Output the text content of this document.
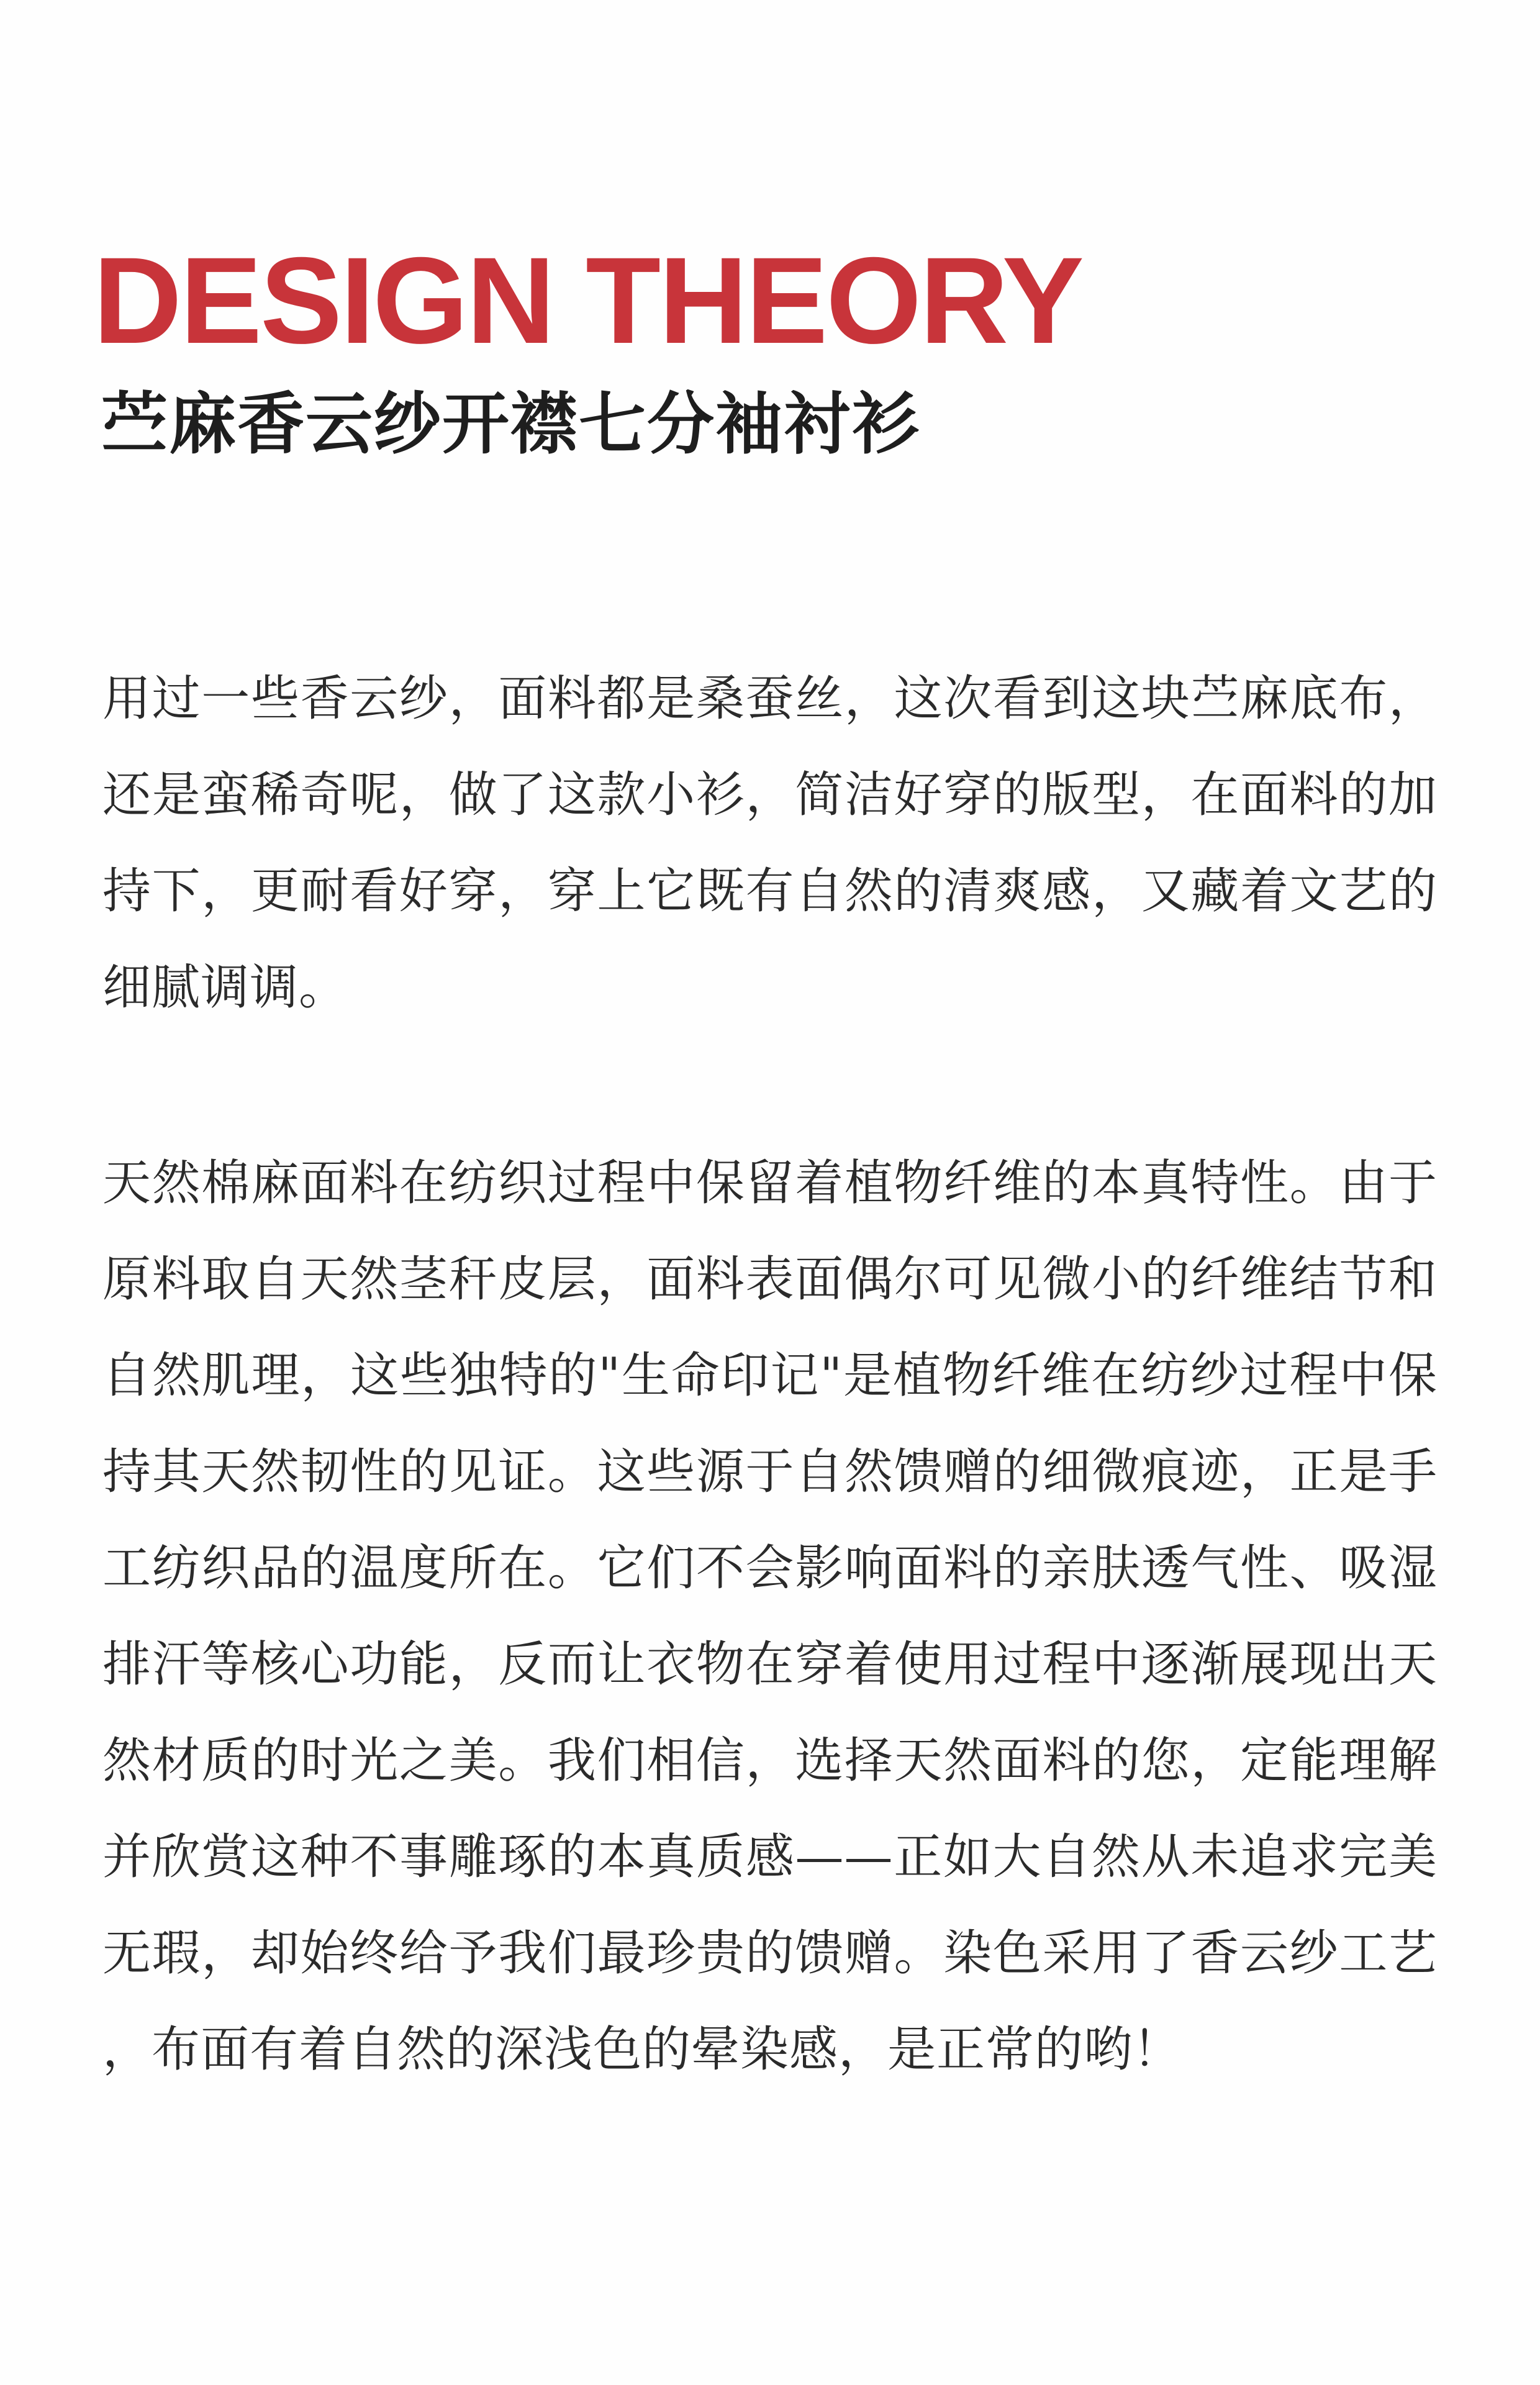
DESIGN THEORY
苎麻香云纱开襟七分袖衬衫

用过一些香云纱，面料都是桑蚕丝，这次看到这块苎麻底布，还是蛮稀奇呢，做了这款小衫，简洁好穿的版型，在面料的加持下，更耐看好穿，穿上它既有自然的清爽感，又藏着文艺的细腻调调。

天然棉麻面料在纺织过程中保留着植物纤维的本真特性。由于原料取自天然茎秆皮层，面料表面偶尔可见微小的纤维结节和自然肌理，这些独特的"生命印记"是植物纤维在纺纱过程中保持其天然韧性的见证。这些源于自然馈赠的细微痕迹，正是手工纺织品的温度所在。它们不会影响面料的亲肤透气性、吸湿排汗等核心功能，反而让衣物在穿着使用过程中逐渐展现出天然材质的时光之美。我们相信，选择天然面料的您，定能理解并欣赏这种不事雕琢的本真质感——正如大自然从未追求完美无瑕，却始终给予我们最珍贵的馈赠。染色采用了香云纱工艺，布面有着自然的深浅色的晕染感，是正常的哟！
